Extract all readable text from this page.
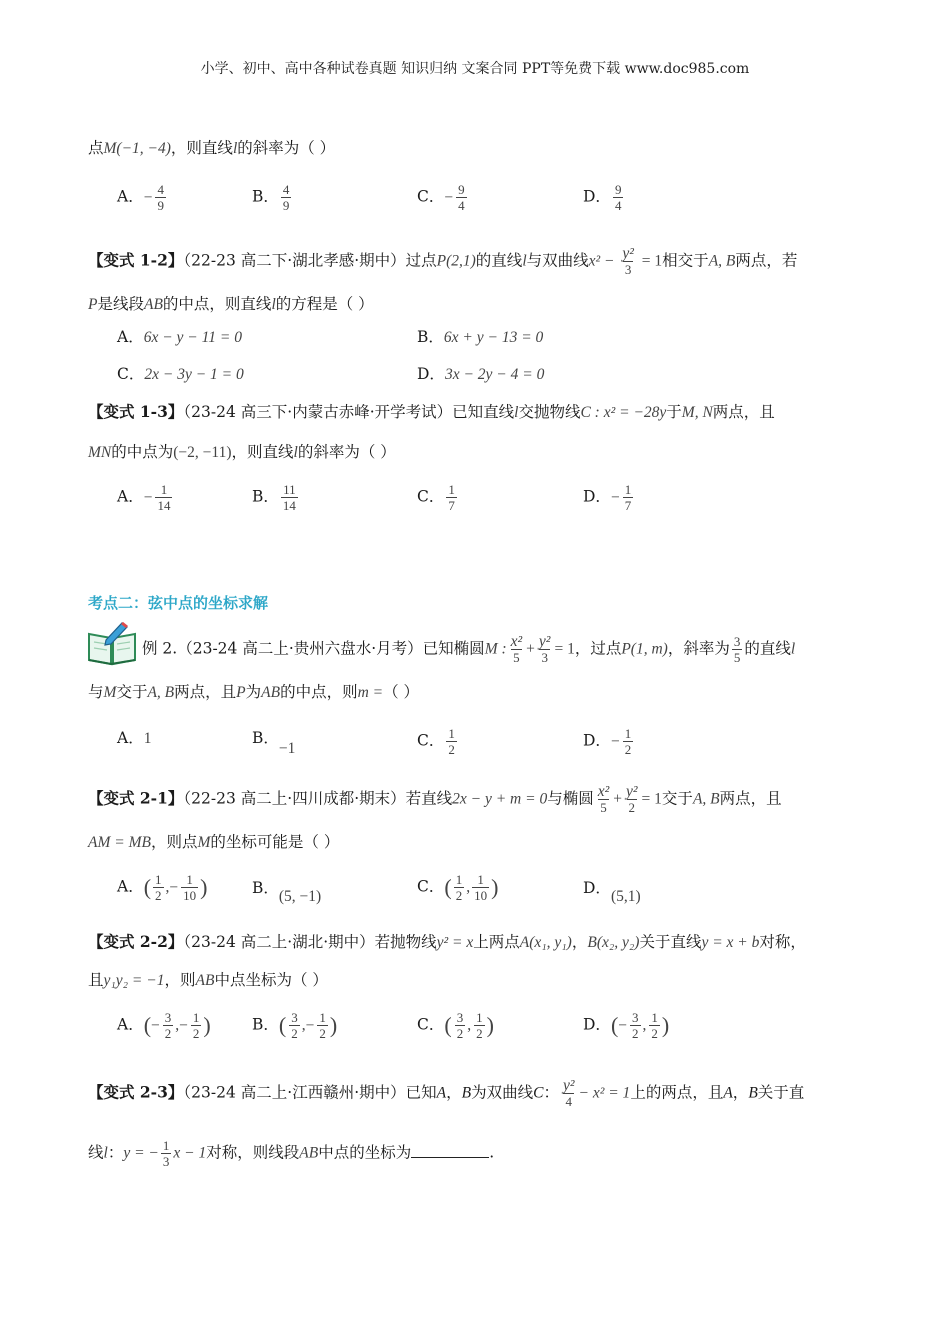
小学、初中、高中各种试卷真题 知识归纳 文案合同 PPT等免费下载 www.doc985.com
点M(−1, −4)，则直线l的斜率为（ ）
A．− $\frac{4}{9}$	B． $\frac{4}{9}$	C．− $\frac{9}{4}$	D． $\frac{9}{4}$
【变式 1-2】（22-23 高二下·湖北孝感·期中）过点P(2,1)的直线l与双曲线$x^2 - \frac{\text{y²}}{3} = 1$相交于A, B两点，若
P是线段AB的中点，则直线l的方程是（ ）
A．6x − y − 11 = 0	B．6x + y − 13 = 0
C．2x − 3y − 1 = 0	D．3x − 2y − 4 = 0
【变式 1-3】（23-24 高三下·内蒙古赤峰·开学考试）已知直线l交抛物线C : x² = −28y于M, N两点，且
MN的中点为(−2, −11)，则直线l的斜率为（ ）
A．− $\frac{1}{14}$	B． $\frac{11}{14}$	C． $\frac{1}{7}$	D．− $\frac{1}{7}$
考点二：弦中点的坐标求解
例 2.（23-24 高二上·贵州六盘水·月考）已知椭圆M : $\frac{\text{x²}}{5} + \frac{\text{y²}}{3} = 1$，过点P(1, m)，斜率为 $\frac{3}{5}$ 的直线l
与M交于A, B两点，且P为AB的中点，则m =（ ）
A．1	B．−1	C． $\frac{1}{2}$	D．− $\frac{1}{2}$
【变式 2-1】（22-23 高二上·四川成都·期末）若直线2x − y + m = 0与椭圆 $\frac{\text{x²}}{5} + \frac{\text{y²}}{2} = 1$交于A, B两点，且
AM = MB，则点M的坐标可能是（ ）
A．( $\frac{1}{2}$ ,− $\frac{1}{10}$ )	B．(5, −1)
C．( $\frac{1}{2}$ , $\frac{1}{10}$ )	D．(5,1)
【变式 2-2】（23-24 高二上·湖北·期中）若抛物线y² = x上两点A(x₁, y₁)，B(x₂, y₂)关于直线y = x + b对称，
且y₁y₂ = −1，则AB中点坐标为（ ）
A．(− $\frac{3}{2}$ ,− $\frac{1}{2}$ )	B．( $\frac{3}{2}$ ,− $\frac{1}{2}$ )	C．( $\frac{3}{2}$ , $\frac{1}{2}$ )	D．(− $\frac{3}{2}$ , $\frac{1}{2}$ )
【变式 2-3】（23-24 高二上·江西赣州·期中）已知A，B为双曲线C： $\frac{\text{y²}}{4} - x^2 = 1$上的两点，且A，B关于直
线l：y = − $\frac{1}{3}$ x − 1对称，则线段AB中点的坐标为	.
